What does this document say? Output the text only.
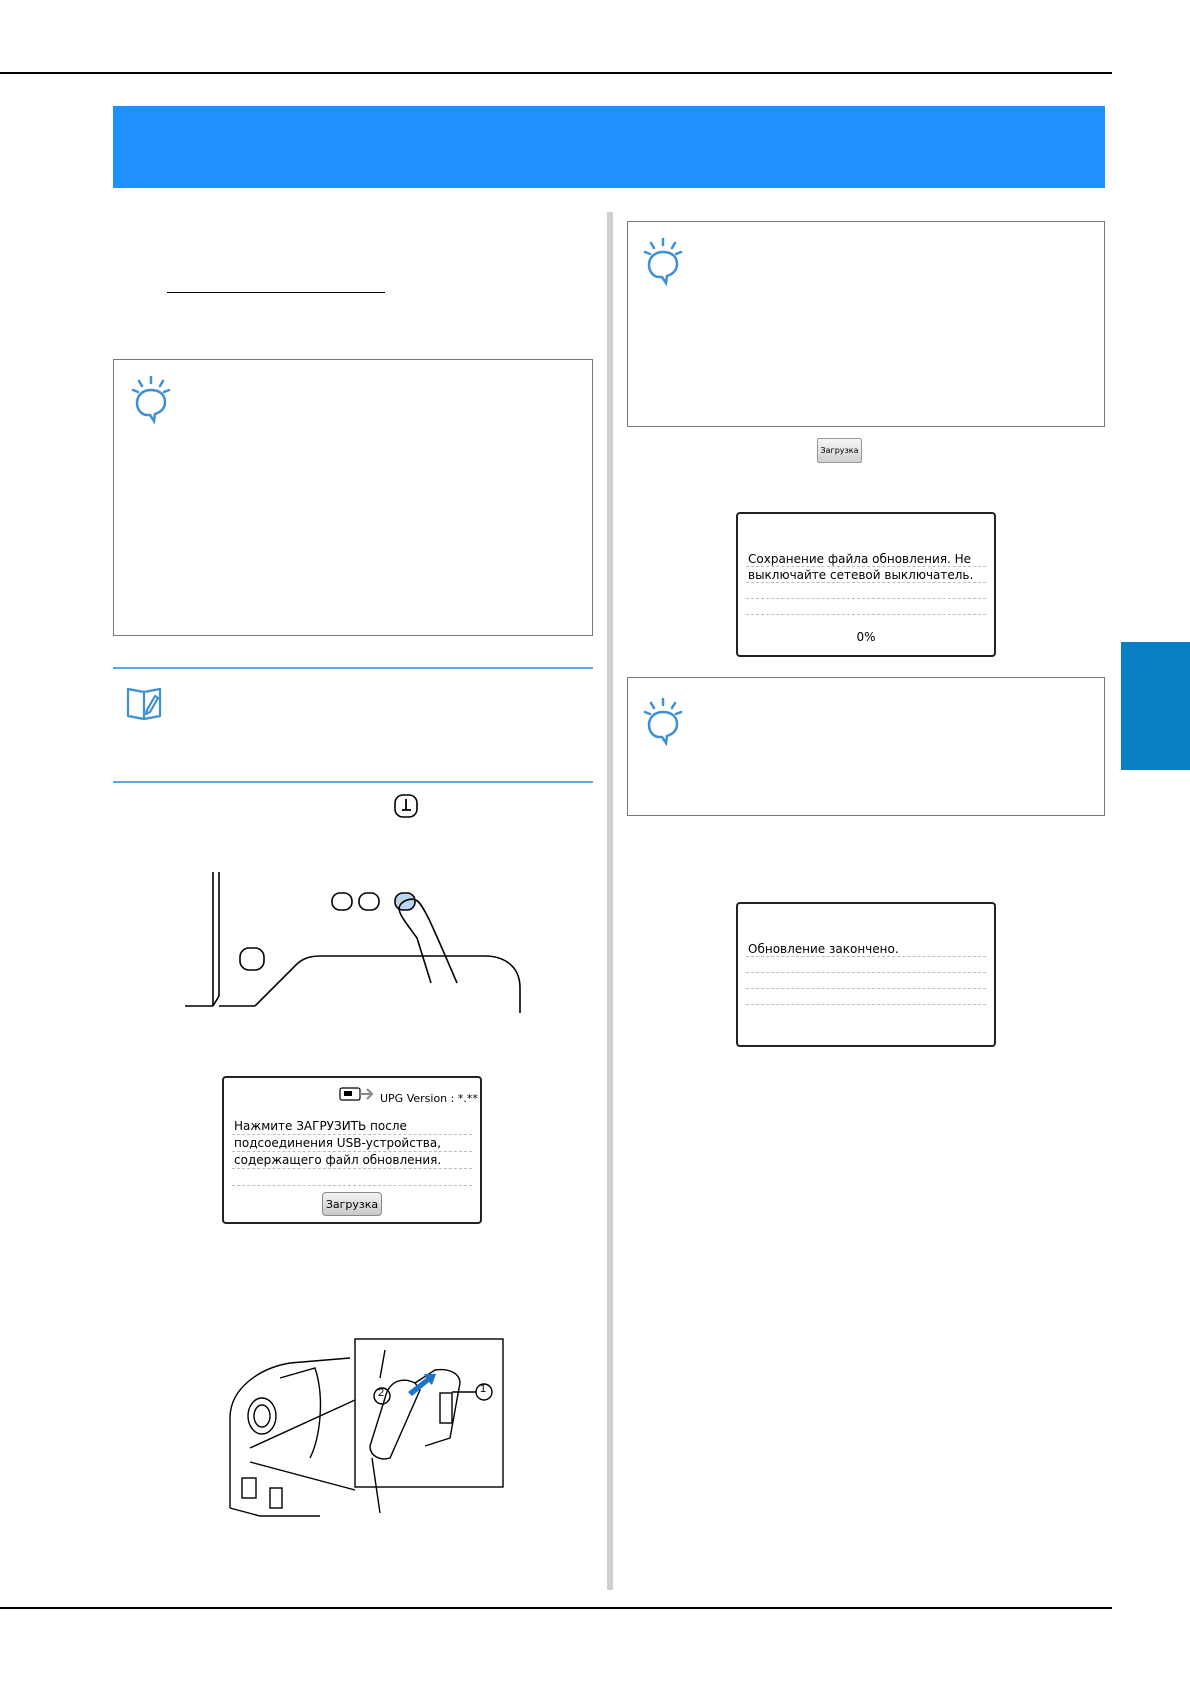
UPG Version : *.**
Нажмите ЗАГРУЗИТЬ после
подсоединения USB-устройства,
содержащего файл обновления.
Загрузка
2	1
Загрузка
Сохранение файла обновления. Не
выключайте сетевой выключатель.
0%
Обновление закончено.
